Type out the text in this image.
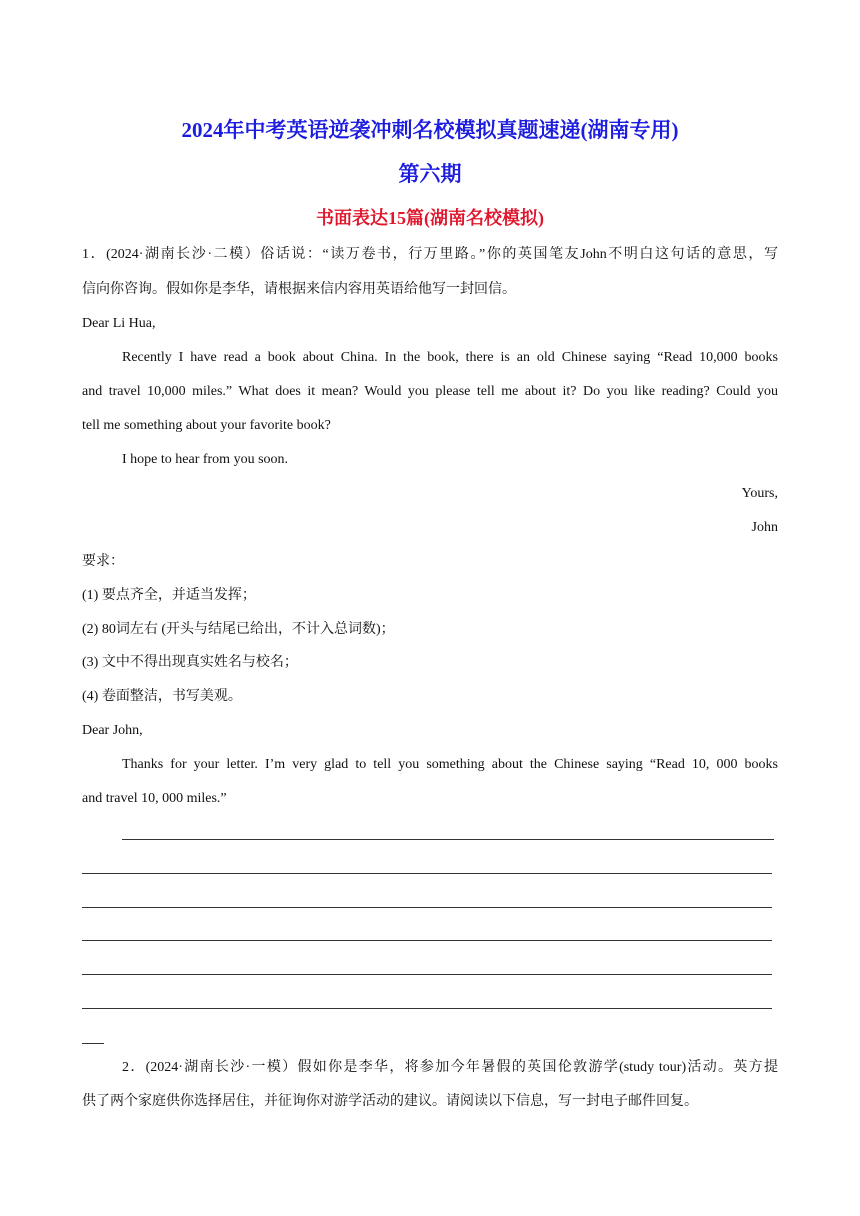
2024年中考英语逆袭冲刺名校模拟真题速递(湖南专用)
第六期
书面表达15篇(湖南名校模拟)
1．(2024·湖南长沙·二模）俗话说：“读万卷书，行万里路。”你的英国笔友John不明白这句话的意思，写
信向你咨询。假如你是李华，请根据来信内容用英语给他写一封回信。
Dear Li Hua,
Recently I have read a book about China. In the book, there is an old Chinese saying “Read 10,000 books
and travel 10,000 miles.” What does it mean? Would you please tell me about it? Do you like reading? Could you
tell me something about your favorite book?
I hope to hear from you soon.
Yours,
John
要求：
(1) 要点齐全，并适当发挥；
(2) 80词左右 (开头与结尾已给出，不计入总词数)；
(3) 文中不得出现真实姓名与校名；
(4) 卷面整洁，书写美观。
Dear John,
Thanks for your letter. I’m very glad to tell you something about the Chinese saying “Read 10, 000 books
and travel 10, 000 miles.”
2．(2024·湖南长沙·一模）假如你是李华，将参加今年暑假的英国伦敦游学(study tour)活动。英方提
供了两个家庭供你选择居住，并征询你对游学活动的建议。请阅读以下信息，写一封电子邮件回复。
